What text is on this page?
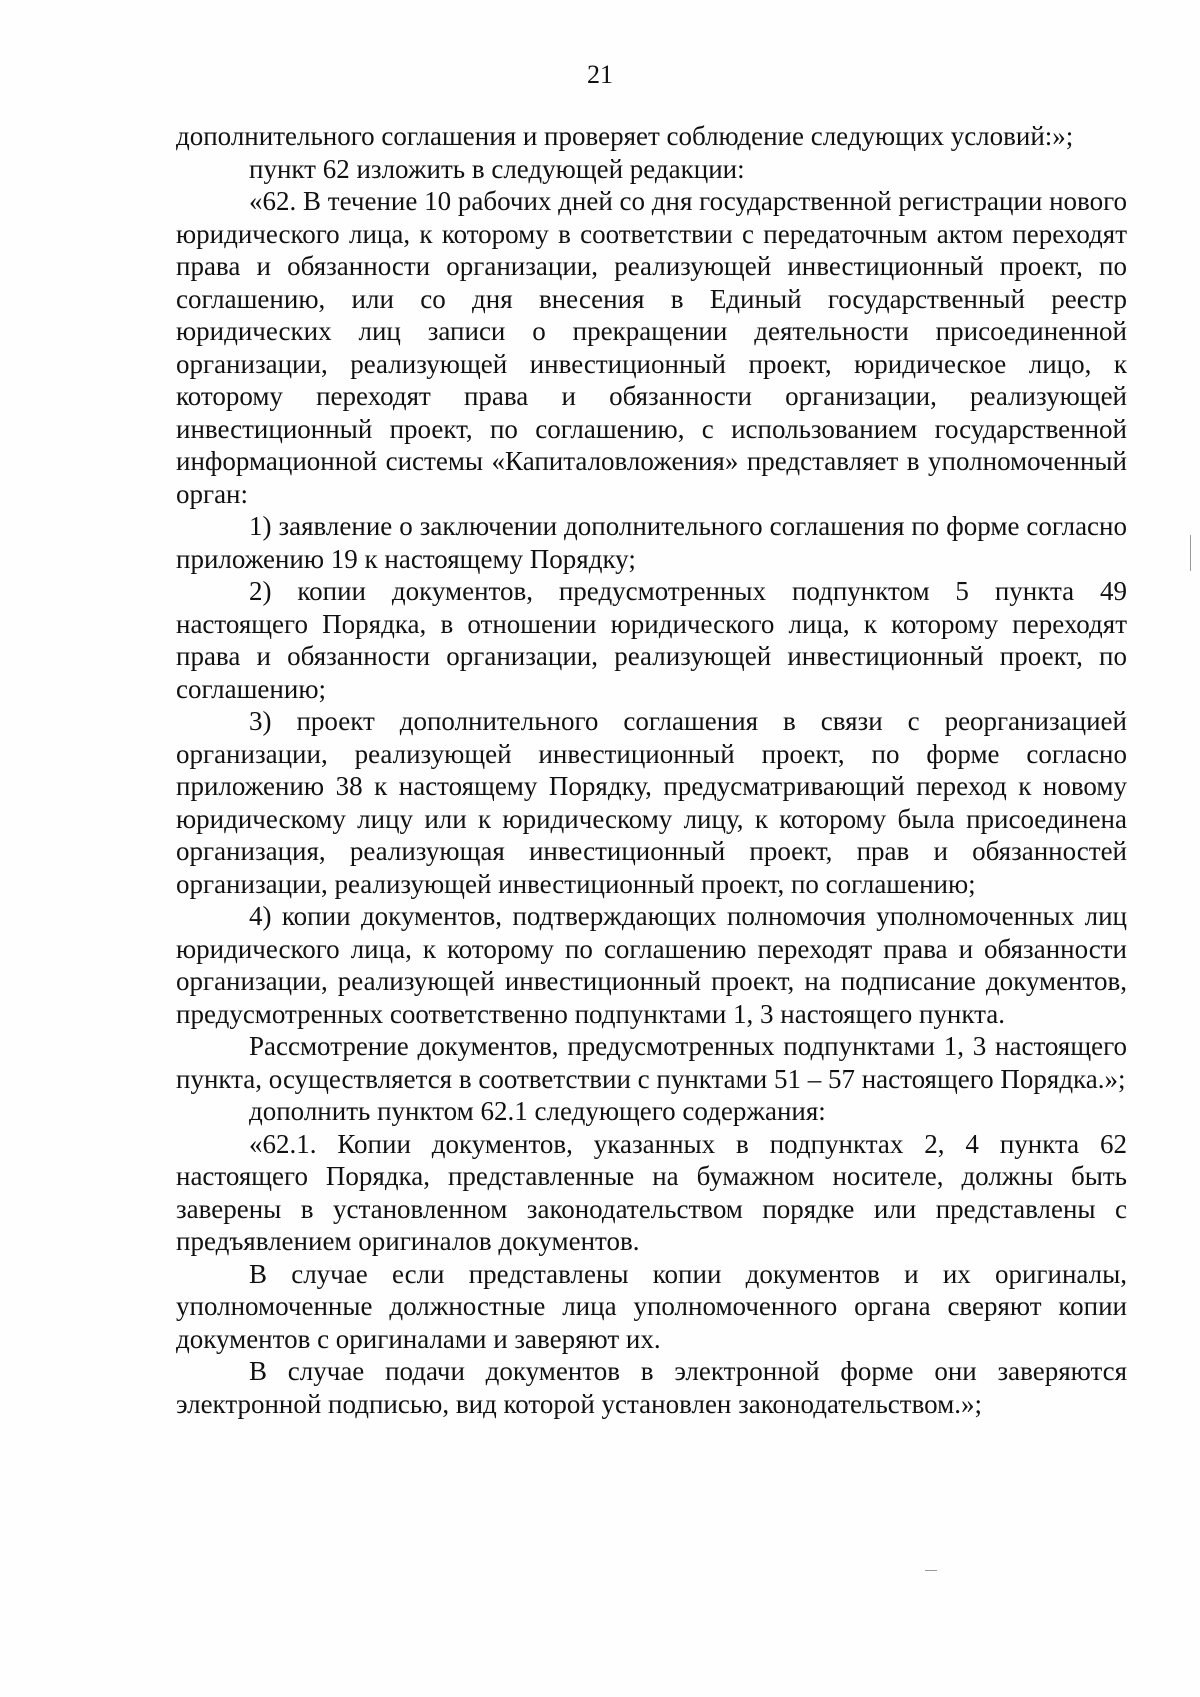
21

дополнительного соглашения и проверяет соблюдение следующих условий:»;

пункт 62 изложить в следующей редакции:

«62. В течение 10 рабочих дней со дня государственной регистрации нового юридического лица, к которому в соответствии с передаточным актом переходят права и обязанности организации, реализующей инвестиционный проект, по соглашению, или со дня внесения в Единый государственный реестр юридических лиц записи о прекращении деятельности присоединенной организации, реализующей инвестиционный проект, юридическое лицо, к которому переходят права и обязанности организации, реализующей инвестиционный проект, по соглашению, с использованием государственной информационной системы «Капиталовложения» представляет в уполномоченный орган:

1) заявление о заключении дополнительного соглашения по форме согласно приложению 19 к настоящему Порядку;

2) копии документов, предусмотренных подпунктом 5 пункта 49 настоящего Порядка, в отношении юридического лица, к которому переходят права и обязанности организации, реализующей инвестиционный проект, по соглашению;

3) проект дополнительного соглашения в связи с реорганизацией организации, реализующей инвестиционный проект, по форме согласно приложению 38 к настоящему Порядку, предусматривающий переход к новому юридическому лицу или к юридическому лицу, к которому была присоединена организация, реализующая инвестиционный проект, прав и обязанностей организации, реализующей инвестиционный проект, по соглашению;

4) копии документов, подтверждающих полномочия уполномоченных лиц юридического лица, к которому по соглашению переходят права и обязанности организации, реализующей инвестиционный проект, на подписание документов, предусмотренных соответственно подпунктами 1, 3 настоящего пункта.

Рассмотрение документов, предусмотренных подпунктами 1, 3 настоящего пункта, осуществляется в соответствии с пунктами 51 – 57 настоящего Порядка.»;

дополнить пунктом 62.1 следующего содержания:

«62.1. Копии документов, указанных в подпунктах 2, 4 пункта 62 настоящего Порядка, представленные на бумажном носителе, должны быть заверены в установленном законодательством порядке или представлены с предъявлением оригиналов документов.

В случае если представлены копии документов и их оригиналы, уполномоченные должностные лица уполномоченного органа сверяют копии документов с оригиналами и заверяют их.

В случае подачи документов в электронной форме они заверяются электронной подписью, вид которой установлен законодательством.»;
